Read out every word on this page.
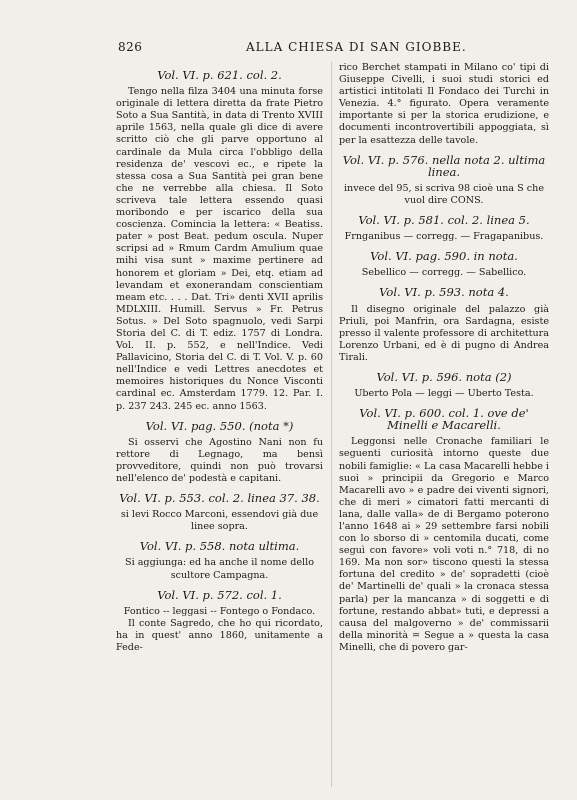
826	ALLA CHIESA DI SAN GIOBBE.

Vol. VI. p. 621. col. 2.

Tengo nella filza 3404 una minuta forse originale di lettera diretta da frate Pietro Soto a Sua Santità, in data di Trento XVIII aprile 1563, nella quale gli dice di avere scritto ciò che gli parve opportuno al cardinale da Mula circa l'obbligo della residenza de' vescovi ec., e ripete la stessa cosa a Sua Santità pei gran bene che ne verrebbe alla chiesa. Il Soto scriveva tale lettera essendo quasi moribondo e per iscarico della sua coscienza. Comincia la lettera: « Beatiss. pater » post Beat. pedum oscula. Nuper scripsi ad » Rmum Cardm Amulium quae mihi visa sunt » maxime pertinere ad honorem et gloriam » Dei, etq. etiam ad levandam et exonerandam conscientiam meam etc. . . . Dat. Tri» denti XVII aprilis MDLXIII. Humill. Servus » Fr. Petrus Sotus. » Del Soto spagnuolo, vedi Sarpi Storia del C. di T. ediz. 1757 di Londra. Vol. II. p. 552, e nell'Indice. Vedi Pallavicino, Storia del C. di T. Vol. V. p. 60 nell'Indice e vedi Lettres anecdotes et memoires historiques du Nonce Visconti cardinal ec. Amsterdam 1779. 12. Par. I. p. 237 243. 245 ec. anno 1563.

Vol. VI. pag. 550. (nota *)

Si osservi che Agostino Nani non fu rettore di Legnago, ma bensì provveditore, quindi non può trovarsi nell'elenco de' podestà e capitani.

Vol. VI. p. 553. col. 2. linea 37. 38.

si levi Rocco Marconi, essendovi già due linee sopra.

Vol. VI. p. 558. nota ultima.

Si aggiunga: ed ha anche il nome dello scultore Campagna.

Vol. VI. p. 572. col. 1.

Fontico -- leggasi -- Fontego o Fondaco.

Il conte Sagredo, che ho qui ricordato, ha in quest' anno 1860, unitamente a Fede-

rico Berchet stampati in Milano co' tipi di Giuseppe Civelli, i suoi studi storici ed artistici intitolati Il Fondaco dei Turchi in Venezia. 4.° figurato. Opera veramente importante si per la storica erudizione, e documenti incontrovertibili appoggiata, sì per la esattezza delle tavole.

Vol. VI. p. 576. nella nota 2. ultima linea.

invece del 95, si scriva 98 cioè una S che vuol dire CONS.

Vol. VI. p. 581. col. 2. linea 5.

Frnganibus — corregg. — Fragapanibus.

Vol. VI. pag. 590. in nota.

Sebellico — corregg. — Sabellico.

Vol. VI. p. 593. nota 4.

Il disegno originale del palazzo già Priuli, poi Manfrin, ora Sardagna, esiste presso il valente professore di architettura Lorenzo Urbani, ed è di pugno di Andrea Tirali.

Vol. VI. p. 596. nota (2)

Uberto Pola — leggi — Uberto Testa.

Vol. VI. p. 600. col. 1. ove de' Minelli e Macarelli.

Leggonsi nelle Cronache familiari le seguenti curiosità intorno queste due nobili famiglie: « La casa Macarelli hebbe i suoi » principii da Gregorio e Marco Macarelli avo » e padre dei viventi signori, che di meri » cimatori fatti mercanti di lana, dalle valla» de di Bergamo poterono l'anno 1648 ai » 29 settembre farsi nobili con lo sborso di » centomila ducati, come seguì con favore» voli voti n.° 718, di no 169. Ma non sor» tiscono questi la stessa fortuna del credito » de' sopradetti (cioè de' Martinelli de' quali » la cronaca stessa parla) per la mancanza » di soggetti e di fortune, restando abbat» tuti, e depressi a causa del malgoverno » de' commissarii della minorità = Segue a » questa la casa Minelli, che di povero gar-
